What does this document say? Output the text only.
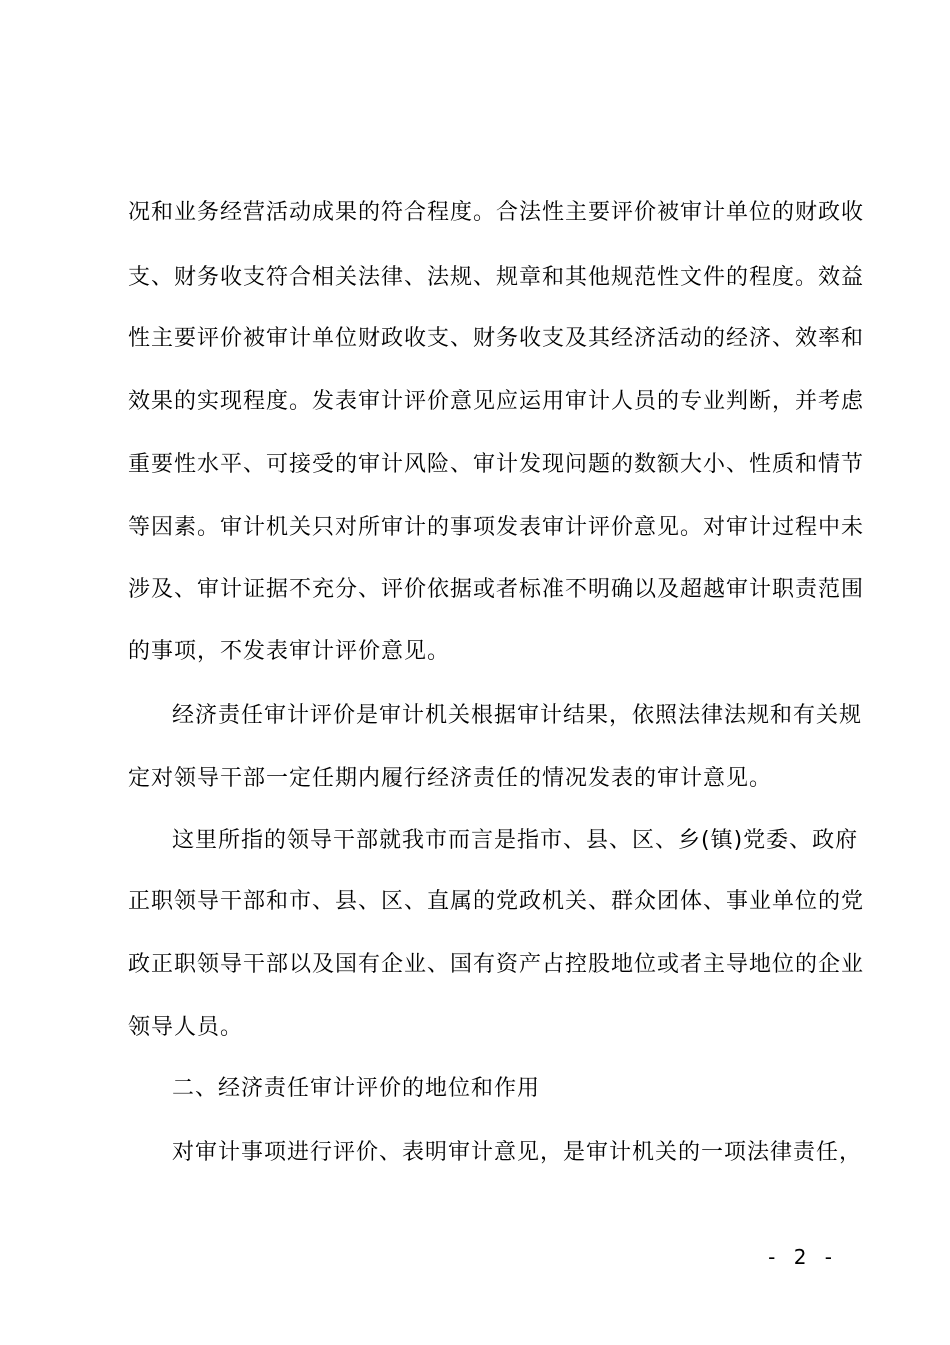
况和业务经营活动成果的符合程度。合法性主要评价被审计单位的财政收
支、财务收支符合相关法律、法规、规章和其他规范性文件的程度。效益
性主要评价被审计单位财政收支、财务收支及其经济活动的经济、效率和
效果的实现程度。发表审计评价意见应运用审计人员的专业判断，并考虑
重要性水平、可接受的审计风险、审计发现问题的数额大小、性质和情节
等因素。审计机关只对所审计的事项发表审计评价意见。对审计过程中未
涉及、审计证据不充分、评价依据或者标准不明确以及超越审计职责范围
的事项，不发表审计评价意见。
经济责任审计评价是审计机关根据审计结果，依照法律法规和有关规
定对领导干部一定任期内履行经济责任的情况发表的审计意见。
这里所指的领导干部就我市而言是指市、县、区、乡(镇)党委、政府
正职领导干部和市、县、区、直属的党政机关、群众团体、事业单位的党
政正职领导干部以及国有企业、国有资产占控股地位或者主导地位的企业
领导人员。
二、经济责任审计评价的地位和作用
对审计事项进行评价、表明审计意见，是审计机关的一项法律责任，
- 2 -
